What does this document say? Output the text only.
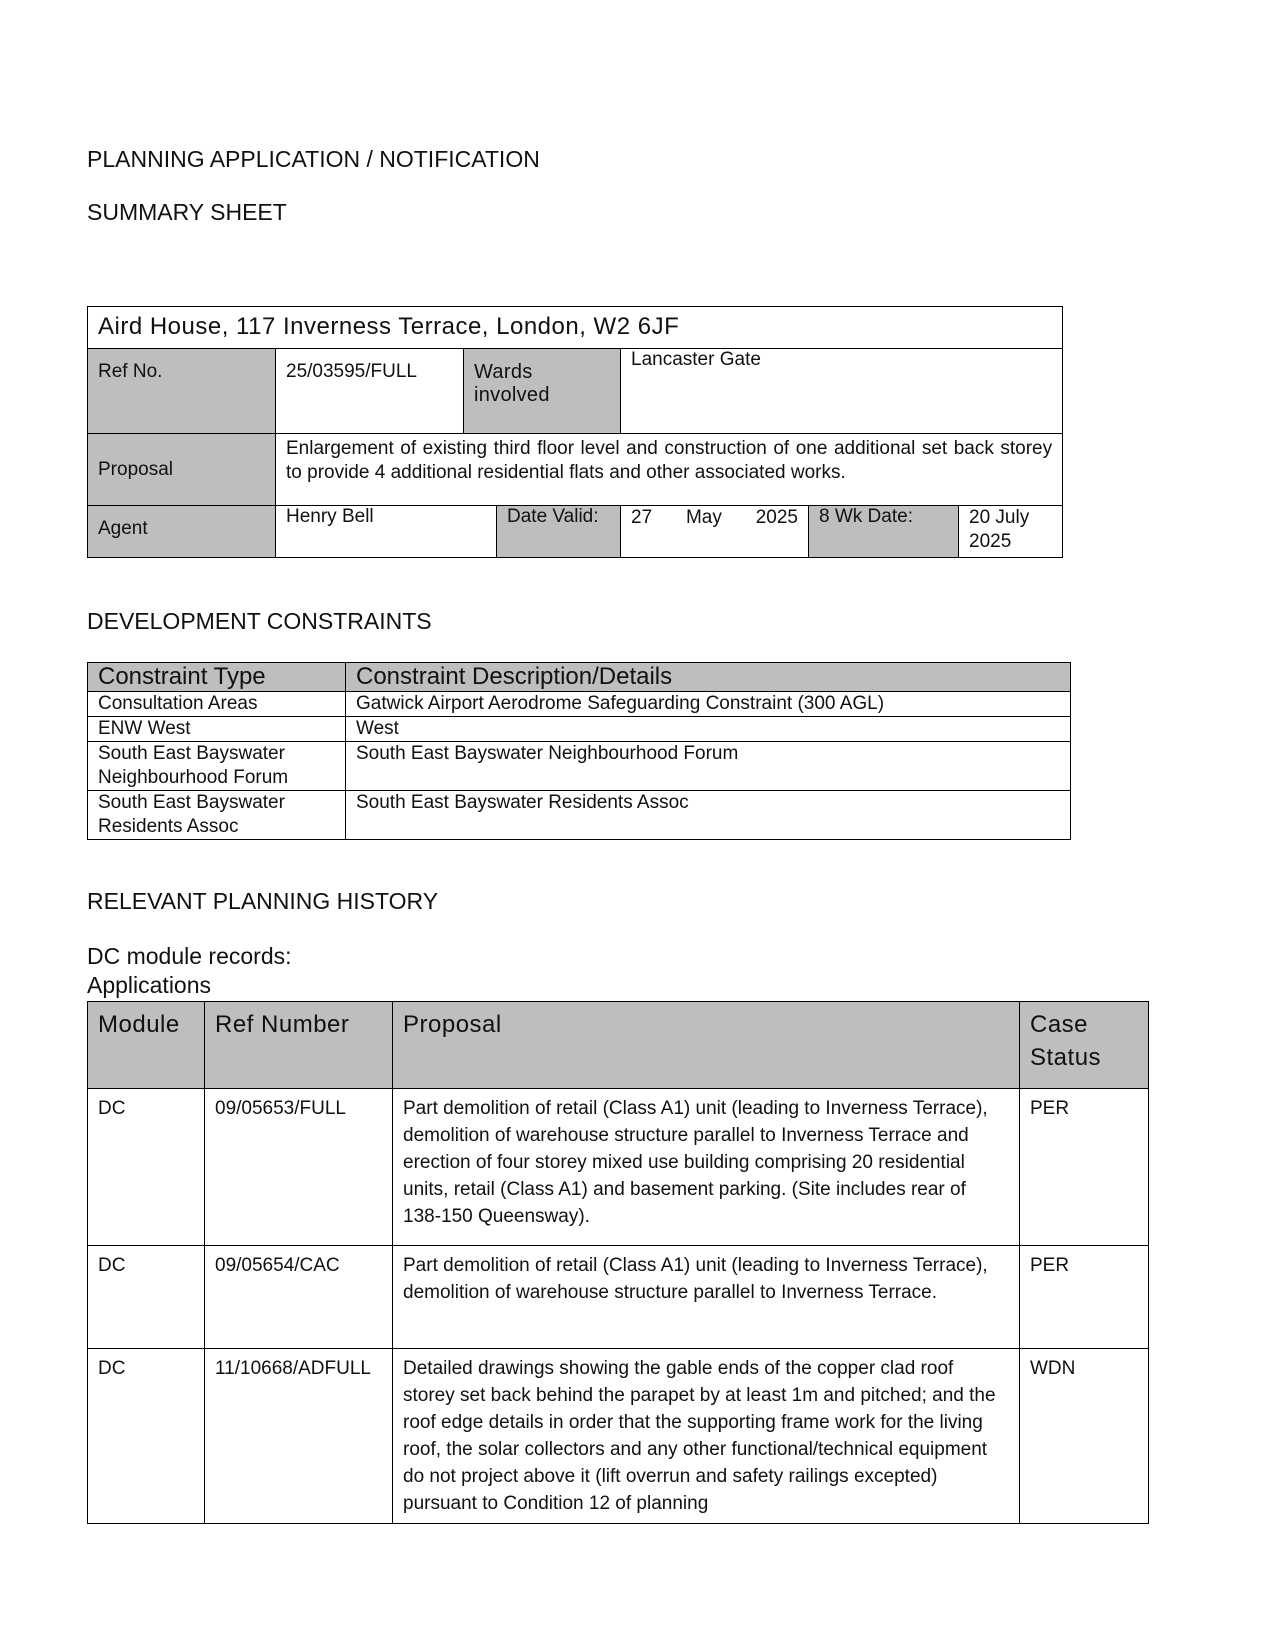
PLANNING APPLICATION / NOTIFICATION
SUMMARY SHEET
Aird House, 117 Inverness Terrace, London, W2 6JF						
Ref No.	25/03595/FULL	Wards involved		Lancaster Gate		
Proposal	Enlargement of existing third floor level and construction of one additional set back storey to provide 4 additional residential flats and other associated works.					
Agent	Henry Bell		Date Valid:	27 May 2025	8 Wk Date:	20 July 2025
DEVELOPMENT CONSTRAINTS
Constraint Type	Constraint Description/Details
Consultation Areas	Gatwick Airport Aerodrome Safeguarding Constraint (300 AGL)
ENW West	West
South East Bayswater Neighbourhood Forum	South East Bayswater Neighbourhood Forum
South East Bayswater Residents Assoc	South East Bayswater Residents Assoc
RELEVANT PLANNING HISTORY
DC module records:
Applications
Module	Ref Number	Proposal	Case Status
DC	09/05653/FULL	Part demolition of retail (Class A1) unit (leading to Inverness Terrace), demolition of warehouse structure parallel to Inverness Terrace and erection of four storey mixed use building comprising 20 residential units, retail (Class A1) and basement parking. (Site includes rear of 138-150 Queensway).	PER
DC	09/05654/CAC	Part demolition of retail (Class A1) unit (leading to Inverness Terrace), demolition of warehouse structure parallel to Inverness Terrace.	PER
DC	11/10668/ADFULL	Detailed drawings showing the gable ends of the copper clad roof storey set back behind the parapet by at least 1m and pitched; and the roof edge details in order that the supporting frame work for the living roof, the solar collectors and any other functional/technical equipment do not project above it (lift overrun and safety railings excepted) pursuant to Condition 12 of planning	WDN
